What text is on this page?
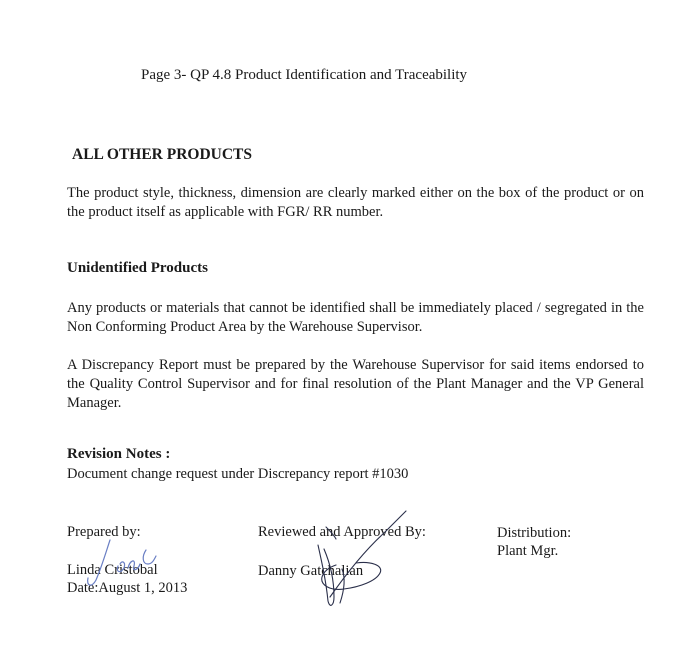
Page 3- QP 4.8 Product Identification and Traceability

ALL OTHER PRODUCTS

The product style, thickness, dimension are clearly marked either on the box of the product or on the product itself as applicable with FGR/ RR number.

Unidentified Products

Any products or materials that cannot be identified shall be immediately placed / segregated in the Non Conforming Product Area by the Warehouse Supervisor.

A Discrepancy Report must be prepared by the Warehouse Supervisor for said items endorsed to the Quality Control Supervisor and for final resolution of the Plant Manager and the VP General Manager.

Revision Notes :

Document change request under Discrepancy report #1030

Prepared by:

Linda Cristobal

Date:August 1, 2013

Reviewed and Approved By:

Danny Gatchalian

Distribution:

Plant Mgr.
